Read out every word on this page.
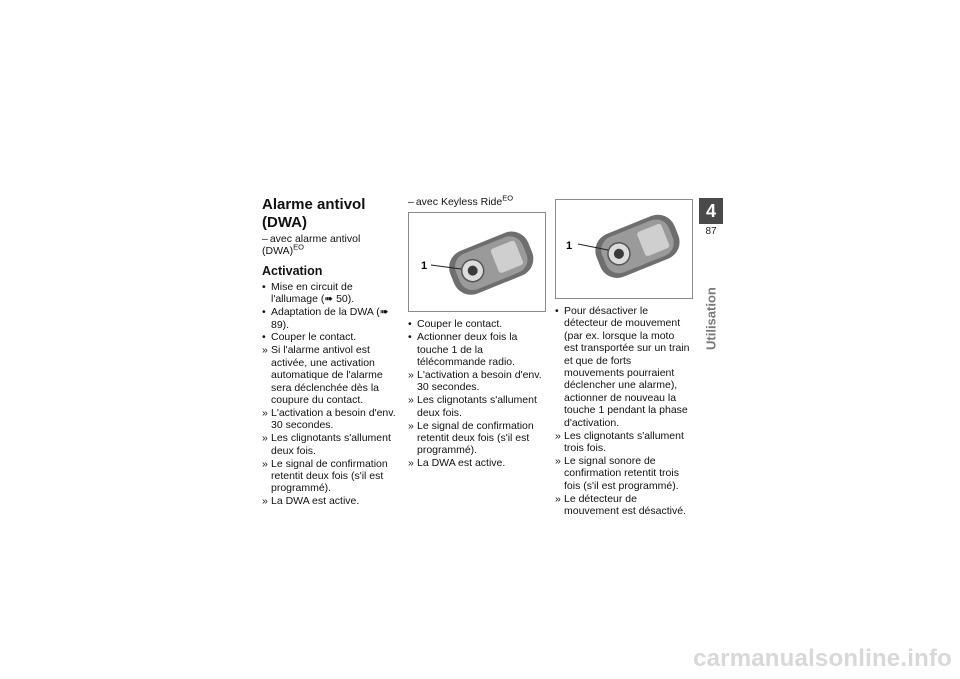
Alarme antivol (DWA)
– avec alarme antivol (DWA)$^{EO}$
Activation
• Mise en circuit de l'allumage (➠ 50).
• Adaptation de la DWA (➠ 89).
• Couper le contact.
» Si l'alarme antivol est activée, une activation automatique de l'alarme sera déclenchée dès la coupure du contact.
» L'activation a besoin d'env. 30 secondes.
» Les clignotants s'allument deux fois.
» Le signal de confirmation retentit deux fois (s'il est programmé).
» La DWA est active.
– avec Keyless Ride$^{EO}$
1
• Couper le contact.
• Actionner deux fois la touche 1 de la télécommande radio.
» L'activation a besoin d'env. 30 secondes.
» Les clignotants s'allument deux fois.
» Le signal de confirmation retentit deux fois (s'il est programmé).
» La DWA est active.
1
• Pour désactiver le détecteur de mouvement (par ex. lorsque la moto est transportée sur un train et que de forts mouvements pourraient déclencher une alarme), actionner de nouveau la touche 1 pendant la phase d'activation.
» Les clignotants s'allument trois fois.
» Le signal sonore de confirmation retentit trois fois (s'il est programmé).
» Le détecteur de mouvement est désactivé.
4
87
Utilisation
carmanualsonline.info
